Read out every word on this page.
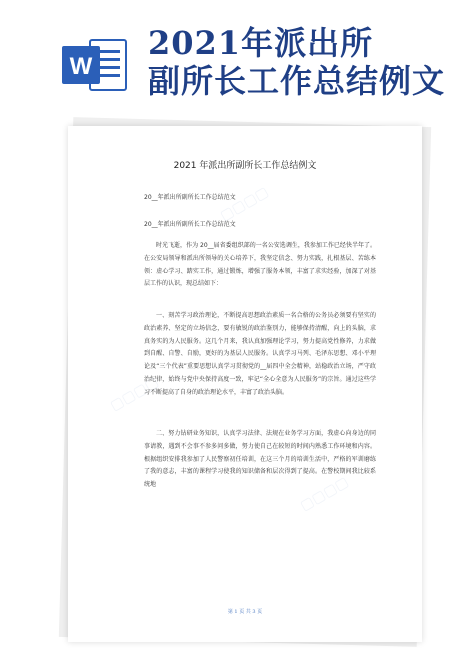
W
2021年派出所
副所长工作总结例文
▢▢▢▢
▢▢▢▢
▢▢▢▢
2021 年派出所副所长工作总结例文
20__年派出所副所长工作总结范文
20__年派出所副所长工作总结范文

时光飞逝，作为 20__届省委组织部的一名公安选调生，我参加工作已经快半年了。在公安局领导和派出所领导的关心培养下，我坚定信念、努力实践，扎根基层、苦练本领：虚心学习、踏实工作，通过锻炼，增强了服务本领，丰富了求实经验，加深了对基层工作的认识，现总结如下：

一、刻苦学习政治理论，不断提高思想政治素质一名合格的公务员必须要有坚实的政治素养、坚定的立场信念，要有敏锐的政治鉴别力，能够保持清醒，向上的头脑，求真务实的为人民服务。这几个月来，我认真加强理论学习，努力提高党性修养，力求做到自醒、自警、自励，更好的为基层人民服务。认真学习马列、毛泽东思想、邓小平理论及“三个代表”重要思想认真学习贯彻党的__届四中全会精神，站稳政治立场，严守政治纪律，始终与党中央保持高度一致，牢记“全心全意为人民服务”的宗旨。通过这些学习不断提高了自身的政治理论水平，丰富了政治头脑。

二、努力钻研业务知识，认真学习法律、法规在业务学习方面，我虚心向身边的同事请教，遇到不会事不参多问多做，努力使自己在较短的时间内熟悉工作环境和内容。根据组织安排我参加了人民警察初任培训，在这三个月的培训生活中，严格的军训磨练了我的意志，丰富的课程学习使我的知识储备和层次得到了提高。在警校期间我比较系统地

第 1 页 共 3 页
